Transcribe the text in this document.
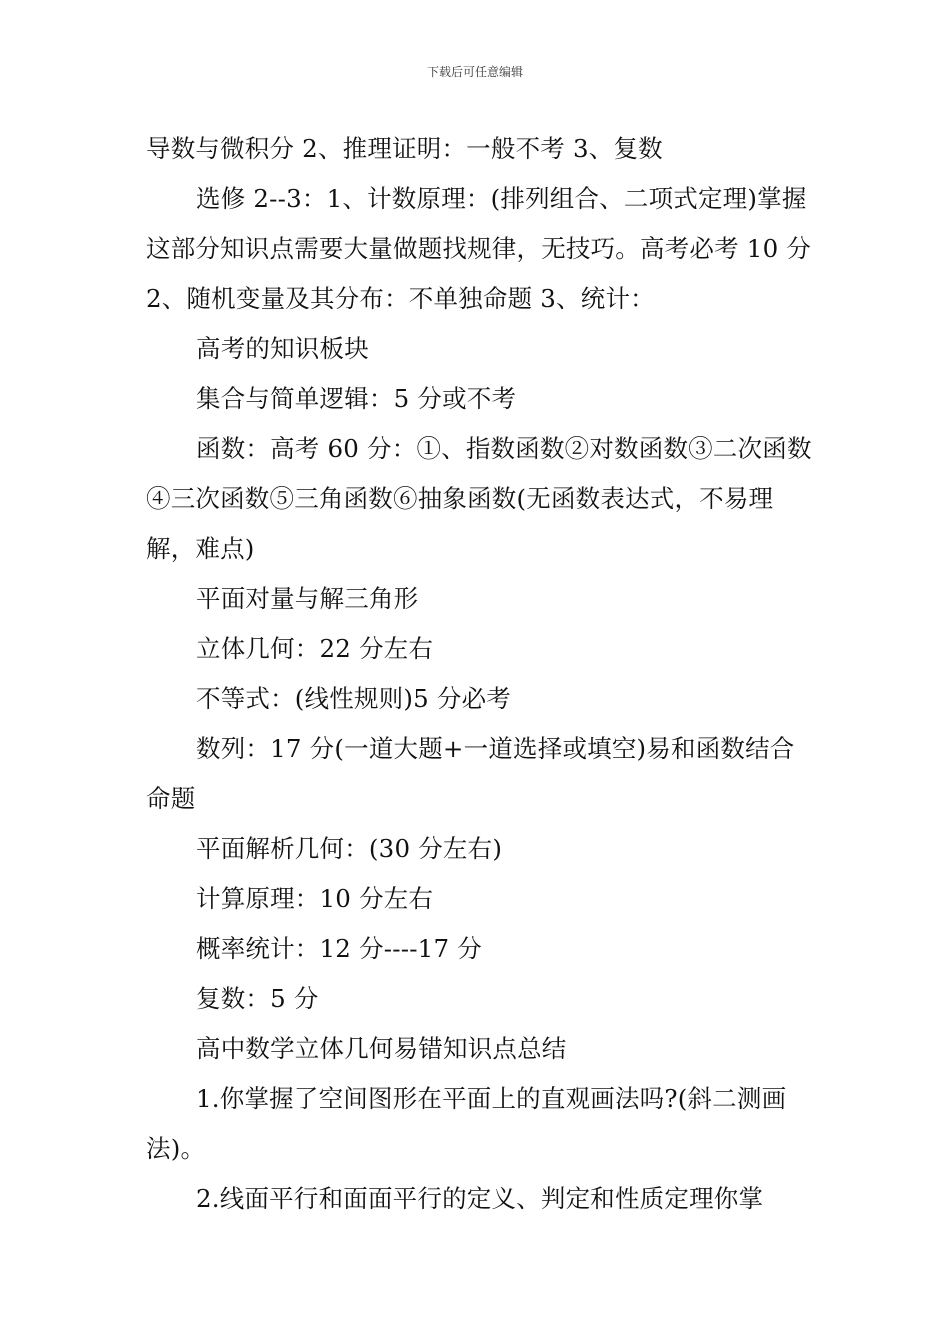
下载后可任意编辑

导数与微积分 2、推理证明：一般不考 3、复数

选修 2--3：1、计数原理：(排列组合、二项式定理)掌握这部分知识点需要大量做题找规律，无技巧。高考必考 10 分 2、随机变量及其分布：不单独命题 3、统计：

高考的知识板块

集合与简单逻辑：5 分或不考

函数：高考 60 分：①、指数函数②对数函数③二次函数④三次函数⑤三角函数⑥抽象函数(无函数表达式，不易理解，难点)

平面对量与解三角形

立体几何：22 分左右

不等式：(线性规则)5 分必考

数列：17 分(一道大题+一道选择或填空)易和函数结合命题

平面解析几何：(30 分左右)

计算原理：10 分左右

概率统计：12 分----17 分

复数：5 分

高中数学立体几何易错知识点总结

1.你掌握了空间图形在平面上的直观画法吗?(斜二测画法)。

2.线面平行和面面平行的定义、判定和性质定理你掌
